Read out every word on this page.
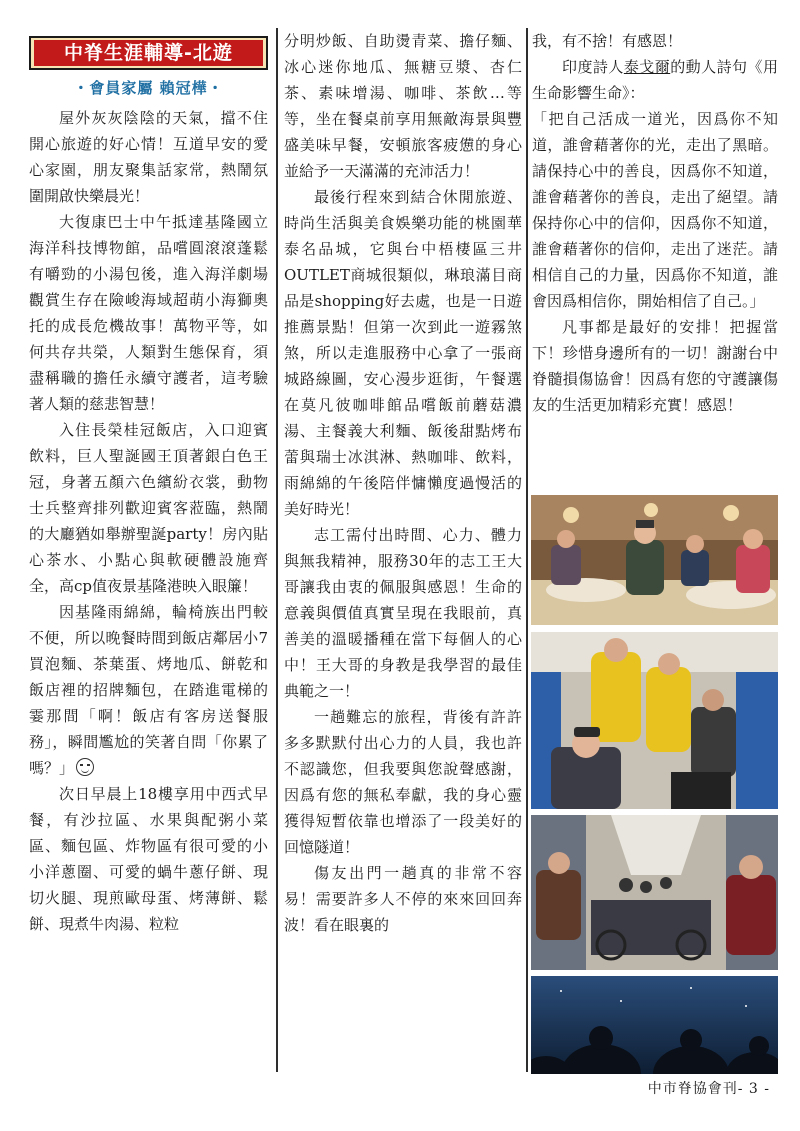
中脊生涯輔導-北遊
・會員家屬 賴冠樺・

屋外灰灰陰陰的天氣，擋不住開心旅遊的好心情！互道早安的愛心家園，朋友聚集話家常，熱鬧氛圍開啟快樂晨光！

大復康巴士中午抵達基隆國立海洋科技博物館，品嚐圓滾滾蓬鬆有嚼勁的小湯包後，進入海洋劇場觀賞生存在險峻海域超萌小海獅奧托的成長危機故事！萬物平等，如何共存共榮，人類對生態保育，須盡稱職的擔任永續守護者，這考驗著人類的慈悲智慧！

入住長榮桂冠飯店，入口迎賓飲料，巨人聖誕國王頂著銀白色王冠，身著五顏六色繽紛衣裳，動物士兵整齊排列歡迎賓客蒞臨，熱鬧的大廳猶如舉辦聖誕party！房內貼心茶水、小點心與軟硬體設施齊全，高cp值夜景基隆港映入眼簾！

因基隆雨綿綿，輪椅族出門較不便，所以晚餐時間到飯店鄰居小7買泡麵、茶葉蛋、烤地瓜、餅乾和飯店裡的招牌麵包，在踏進電梯的霎那間「啊！飯店有客房送餐服務」，瞬間尷尬的笑著自問「你累了嗎？」

次日早晨上18樓享用中西式早餐，有沙拉區、水果與配粥小菜區、麵包區、炸物區有很可愛的小小洋蔥圈、可愛的蝸牛蔥仔餅、現切火腿、現煎歐母蛋、烤薄餅、鬆餅、現煮牛肉湯、粒粒

分明炒飯、自助燙青菜、擔仔麵、冰心迷你地瓜、無糖豆漿、杏仁茶、素味增湯、咖啡、茶飲…等等，坐在餐桌前享用無敵海景與豐盛美味早餐，安頓旅客疲憊的身心並給予一天滿滿的充沛活力！

最後行程來到結合休閒旅遊、時尚生活與美食娛樂功能的桃園華泰名品城，它與台中梧棲區三井OUTLET商城很類似，琳琅滿目商品是shopping好去處，也是一日遊推薦景點！但第一次到此一遊霧煞煞，所以走進服務中心拿了一張商城路線圖，安心漫步逛街，午餐選在莫凡彼咖啡館品嚐飯前蘑菇濃湯、主餐義大利麵、飯後甜點烤布蕾與瑞士冰淇淋、熱咖啡、飲料，雨綿綿的午後陪伴慵懶度過慢活的美好時光！

志工需付出時間、心力、體力與無我精神，服務30年的志工王大哥讓我由衷的佩服與感恩！生命的意義與價值真實呈現在我眼前，真善美的溫暖播種在當下每個人的心中！王大哥的身教是我學習的最佳典範之一！

一趟難忘的旅程，背後有許許多多默默付出心力的人員，我也許不認識您，但我要與您說聲感謝，因爲有您的無私奉獻，我的身心靈獲得短暫依靠也增添了一段美好的回憶隧道！

傷友出門一趟真的非常不容易！需要許多人不停的來來回回奔波！看在眼裏的

我，有不捨！有感恩！

印度詩人泰戈爾的動人詩句《用生命影響生命》：

「把自己活成一道光，因爲你不知道，誰會藉著你的光，走出了黑暗。請保持心中的善良，因爲你不知道，誰會藉著你的善良，走出了絕望。請保持你心中的信仰，因爲你不知道，誰會藉著你的信仰，走出了迷茫。請相信自己的力量，因爲你不知道，誰會因爲相信你，開始相信了自己。」

凡事都是最好的安排！把握當下！珍惜身邊所有的一切！謝謝台中脊髓損傷協會！因爲有您的守護讓傷友的生活更加精彩充實！感恩！

中市脊協會刊- 3 -
